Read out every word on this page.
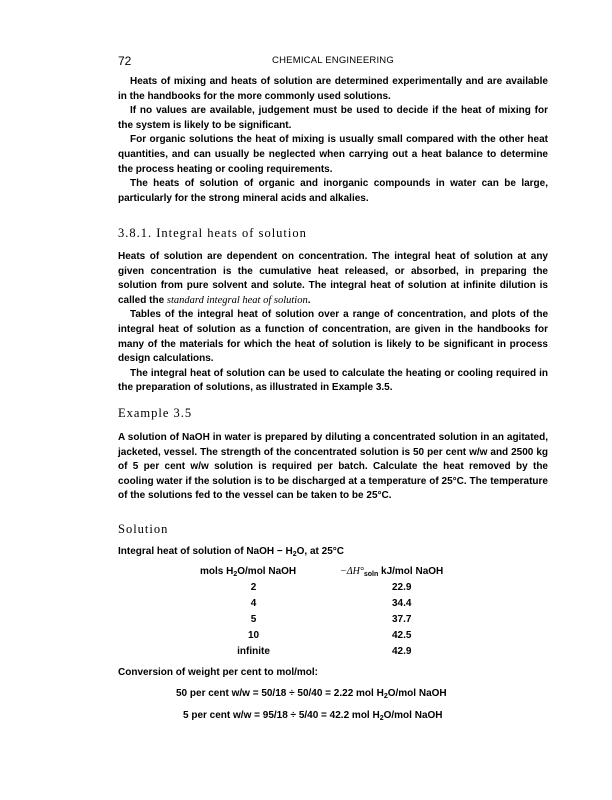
72	CHEMICAL ENGINEERING

Heats of mixing and heats of solution are determined experimentally and are available in the handbooks for the more commonly used solutions.

If no values are available, judgement must be used to decide if the heat of mixing for the system is likely to be significant.

For organic solutions the heat of mixing is usually small compared with the other heat quantities, and can usually be neglected when carrying out a heat balance to determine the process heating or cooling requirements.

The heats of solution of organic and inorganic compounds in water can be large, particularly for the strong mineral acids and alkalies.

3.8.1. Integral heats of solution

Heats of solution are dependent on concentration. The integral heat of solution at any given concentration is the cumulative heat released, or absorbed, in preparing the solution from pure solvent and solute. The integral heat of solution at infinite dilution is called the standard integral heat of solution.

Tables of the integral heat of solution over a range of concentration, and plots of the integral heat of solution as a function of concentration, are given in the handbooks for many of the materials for which the heat of solution is likely to be significant in process design calculations.

The integral heat of solution can be used to calculate the heating or cooling required in the preparation of solutions, as illustrated in Example 3.5.

Example 3.5

A solution of NaOH in water is prepared by diluting a concentrated solution in an agitated, jacketed, vessel. The strength of the concentrated solution is 50 per cent w/w and 2500 kg of 5 per cent w/w solution is required per batch. Calculate the heat removed by the cooling water if the solution is to be discharged at a temperature of 25°C. The temperature of the solutions fed to the vessel can be taken to be 25°C.

Solution

Integral heat of solution of NaOH − $H_2O$, at 25°C

mols $H_2O$/mol NaOH	$-\Delta H^\circ_{soln}$ kJ/mol NaOH
2	22.9
4	34.4
5	37.7
10	42.5
infinite	42.9

Conversion of weight per cent to mol/mol:

50 per cent w/w = 50/18 ÷ 50/40 = 2.22 mol $H_2O$/mol NaOH
5 per cent w/w = 95/18 ÷ 5/40 = 42.2 mol $H_2O$/mol NaOH
